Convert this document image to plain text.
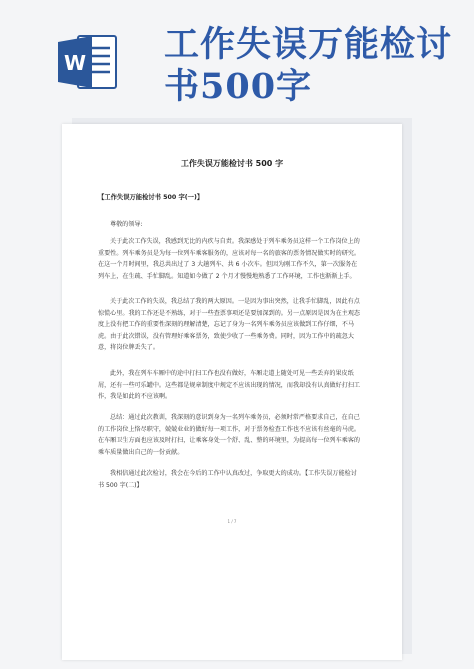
W 工作失误万能检讨
书500字
工作失误万能检讨书 500 字
【工作失误万能检讨书 500 字(一)】
尊敬的领导:

关于此次工作失误，我感到无比的内疚与自责。我深感处于列车乘务员这样一个工作岗位上的重要性。列车乘务员是为每一位列车乘客服务的，应该对每一名的旅客的票务情况做实时的研究。在这一个月时间里，我总共出过了 3 大趟列车、共 6 小次车。但因为刚工作不久，第一次服务在列车上，在生疏、手忙脚乱。知道如今做了 2 个月才慢慢地熟悉了工作环境，工作也渐渐上手。

关于此次工作的失误，我总结了我的两大原因。一是因为事出突然，让我手忙脚乱，因此有点惊慌心里。我的工作还是不熟练，对于一些查票事项还是要加深到的。另一点原因是因为在主观态度上没有把工作的重要性深刻的理解清楚，忘记了身为一名列车乘务员应该做到工作仔细，不马虎。由于此次错误，没有管理好乘客票务，致使少收了一些乘务费。同时，因为工作中的疏忽大意，将岗位牌丢失了。

此外，我在列车车厢中的途中打扫工作也没有做好，车厢走道上随处可见一些丢弃的果皮纸屑，还有一些可乐罐中。这些都是规章制度中规定不应该出现的情况，而我却没有认真做好打扫工作，我是如此的不应该啊。

总结：通过此次教训，我深刻的意识到身为一名列车乘务员，必须时常严格要求自己，在自己的工作岗位上恪尽职守，兢兢业业的做好每一项工作，对于票务检查工作也不应该有丝毫的马虎。在车厢卫生方面也应该及时打扫，让乘客身处一个舒、乱、整的环境里，为提高每一位列车乘客的乘车质量做出自己的一份贡献。

我相信通过此次检讨，我会在今后的工作中认真改过，争取更大的成功。【工作失误万能检讨书 500 字(二)】

1 / 7
